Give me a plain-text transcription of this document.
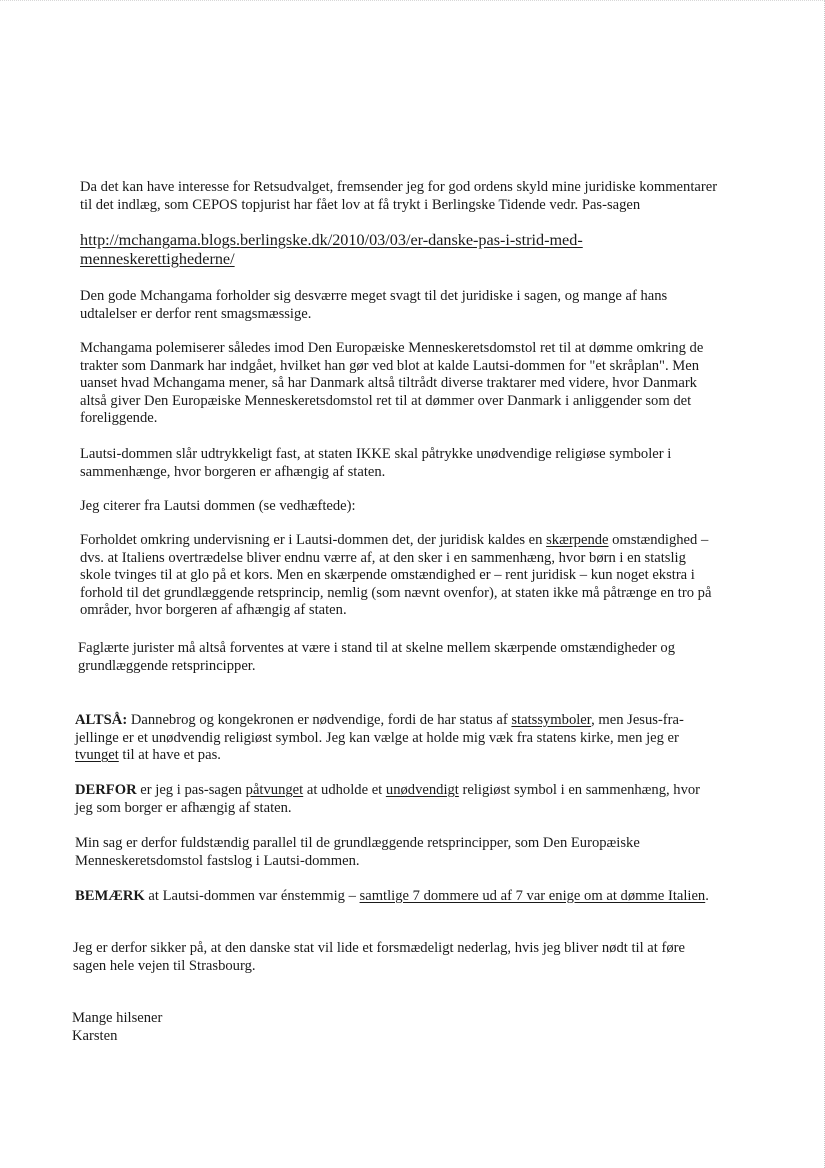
Da det kan have interesse for Retsudvalget, fremsender jeg for god ordens skyld mine juridiske kommentarer
til det indlæg, som CEPOS topjurist har fået lov at få trykt i Berlingske Tidende vedr. Pas-sagen
http://mchangama.blogs.berlingske.dk/2010/03/03/er-danske-pas-i-strid-med-
menneskerettighederne/
Den gode Mchangama forholder sig desværre meget svagt til det juridiske i sagen, og mange af hans
udtalelser er derfor rent smagsmæssige.
Mchangama polemiserer således imod Den Europæiske Menneskeretsdomstol ret til at dømme omkring de
trakter som Danmark har indgået, hvilket han gør ved blot at kalde Lautsi-dommen for "et skråplan". Men
uanset hvad Mchangama mener, så har Danmark altså tiltrådt diverse traktarer med videre, hvor Danmark
altså giver Den Europæiske Menneskeretsdomstol ret til at dømmer over Danmark i anliggender som det
foreliggende.
Lautsi-dommen slår udtrykkeligt fast, at staten IKKE skal påtrykke unødvendige religiøse symboler i
sammenhænge, hvor borgeren er afhængig af staten.
Jeg citerer fra Lautsi dommen (se vedhæftede):
Forholdet omkring undervisning er i Lautsi-dommen det, der juridisk kaldes en skærpende omstændighed –
dvs. at Italiens overtrædelse bliver endnu værre af, at den sker i en sammenhæng, hvor børn i en statslig
skole tvinges til at glo på et kors. Men en skærpende omstændighed er – rent juridisk – kun noget ekstra i
forhold til det grundlæggende retsprincip, nemlig (som nævnt ovenfor), at staten ikke må påtrænge en tro på
områder, hvor borgeren af afhængig af staten.
Faglærte jurister må altså forventes at være i stand til at skelne mellem skærpende omstændigheder og
grundlæggende retsprincipper.
ALTSÅ: Dannebrog og kongekronen er nødvendige, fordi de har status af statssymboler, men Jesus-fra-
jellinge er et unødvendig religiøst symbol. Jeg kan vælge at holde mig væk fra statens kirke, men jeg er
tvunget til at have et pas.
DERFOR er jeg i pas-sagen påtvunget at udholde et unødvendigt religiøst symbol i en sammenhæng, hvor
jeg som borger er afhængig af staten.
Min sag er derfor fuldstændig parallel til de grundlæggende retsprincipper, som Den Europæiske
Menneskeretsdomstol fastslog i Lautsi-dommen.
BEMÆRK at Lautsi-dommen var énstemmig – samtlige 7 dommere ud af 7 var enige om at dømme Italien.
Jeg er derfor sikker på, at den danske stat vil lide et forsmædeligt nederlag, hvis jeg bliver nødt til at føre
sagen hele vejen til Strasbourg.
Mange hilsener
Karsten
